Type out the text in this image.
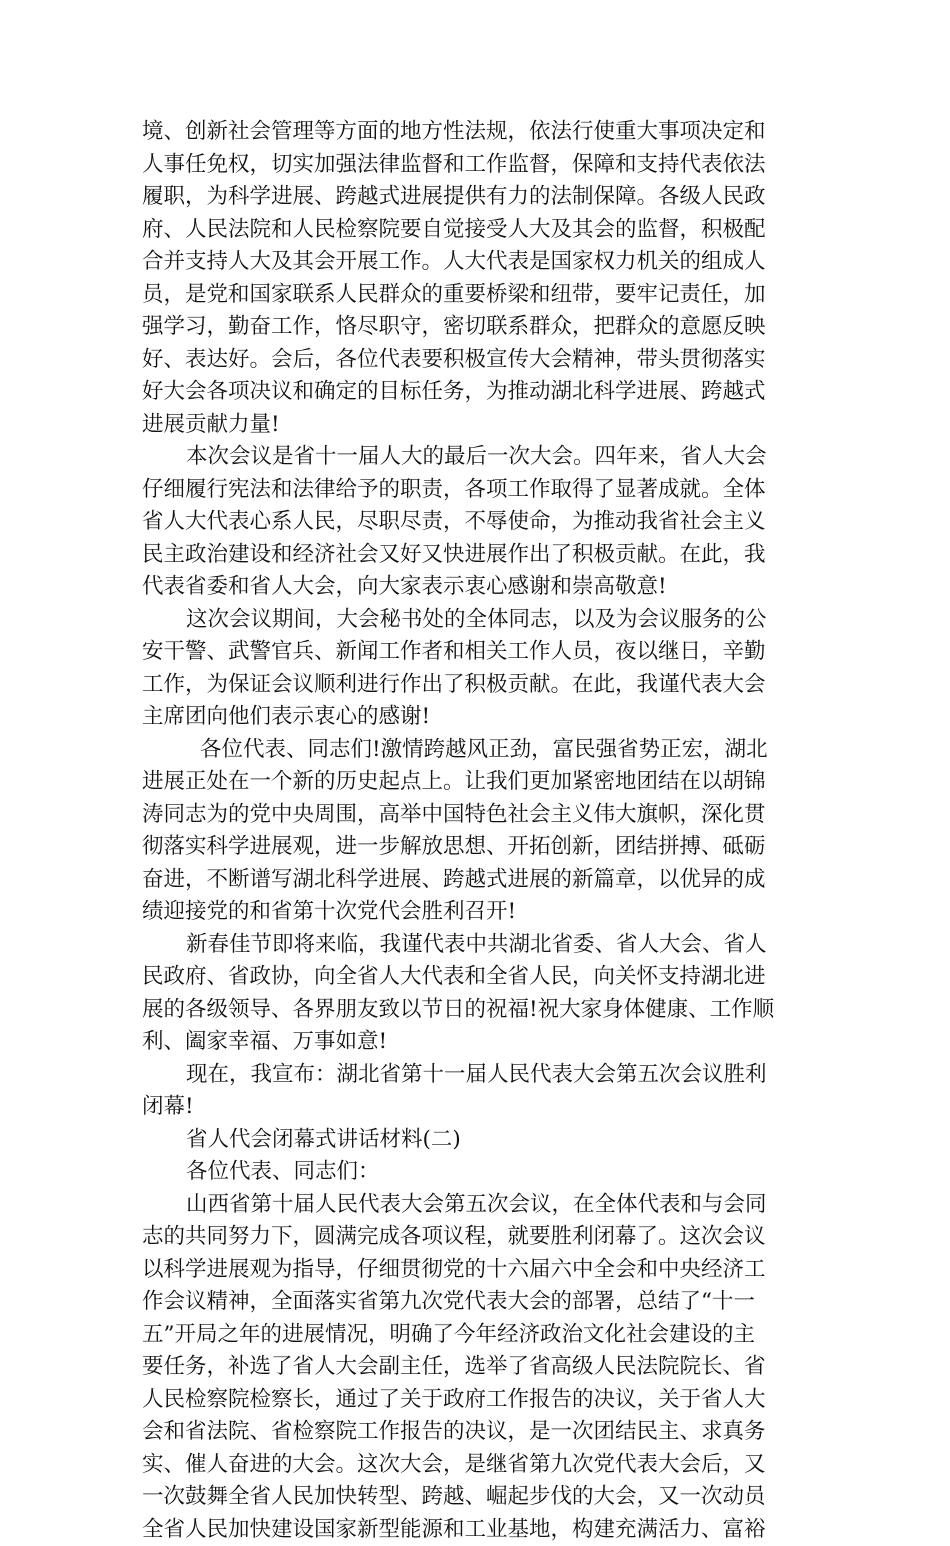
境、创新社会管理等方面的地方性法规，依法行使重大事项决定和
人事任免权，切实加强法律监督和工作监督，保障和支持代表依法
履职，为科学进展、跨越式进展提供有力的法制保障。各级人民政
府、人民法院和人民检察院要自觉接受人大及其会的监督，积极配
合并支持人大及其会开展工作。人大代表是国家权力机关的组成人
员，是党和国家联系人民群众的重要桥梁和纽带，要牢记责任，加
强学习，勤奋工作，恪尽职守，密切联系群众，把群众的意愿反映
好、表达好。会后，各位代表要积极宣传大会精神，带头贯彻落实
好大会各项决议和确定的目标任务，为推动湖北科学进展、跨越式
进展贡献力量!
本次会议是省十一届人大的最后一次大会。四年来，省人大会
仔细履行宪法和法律给予的职责，各项工作取得了显著成就。全体
省人大代表心系人民，尽职尽责，不辱使命，为推动我省社会主义
民主政治建设和经济社会又好又快进展作出了积极贡献。在此，我
代表省委和省人大会，向大家表示衷心感谢和崇高敬意!
这次会议期间，大会秘书处的全体同志，以及为会议服务的公
安干警、武警官兵、新闻工作者和相关工作人员，夜以继日，辛勤
工作，为保证会议顺利进行作出了积极贡献。在此，我谨代表大会
主席团向他们表示衷心的感谢!
各位代表、同志们!激情跨越风正劲，富民强省势正宏，湖北
进展正处在一个新的历史起点上。让我们更加紧密地团结在以胡锦
涛同志为的党中央周围，高举中国特色社会主义伟大旗帜，深化贯
彻落实科学进展观，进一步解放思想、开拓创新，团结拼搏、砥砺
奋进，不断谱写湖北科学进展、跨越式进展的新篇章，以优异的成
绩迎接党的和省第十次党代会胜利召开!
新春佳节即将来临，我谨代表中共湖北省委、省人大会、省人
民政府、省政协，向全省人大代表和全省人民，向关怀支持湖北进
展的各级领导、各界朋友致以节日的祝福!祝大家身体健康、工作顺
利、阖家幸福、万事如意!
现在，我宣布：湖北省第十一届人民代表大会第五次会议胜利
闭幕!
省人代会闭幕式讲话材料(二)
各位代表、同志们：
山西省第十届人民代表大会第五次会议，在全体代表和与会同
志的共同努力下，圆满完成各项议程，就要胜利闭幕了。这次会议
以科学进展观为指导，仔细贯彻党的十六届六中全会和中央经济工
作会议精神，全面落实省第九次党代表大会的部署，总结了“十一
五”开局之年的进展情况，明确了今年经济政治文化社会建设的主
要任务，补选了省人大会副主任，选举了省高级人民法院院长、省
人民检察院检察长，通过了关于政府工作报告的决议，关于省人大
会和省法院、省检察院工作报告的决议，是一次团结民主、求真务
实、催人奋进的大会。这次大会，是继省第九次党代表大会后，又
一次鼓舞全省人民加快转型、跨越、崛起步伐的大会，又一次动员
全省人民加快建设国家新型能源和工业基地，构建充满活力、富裕
